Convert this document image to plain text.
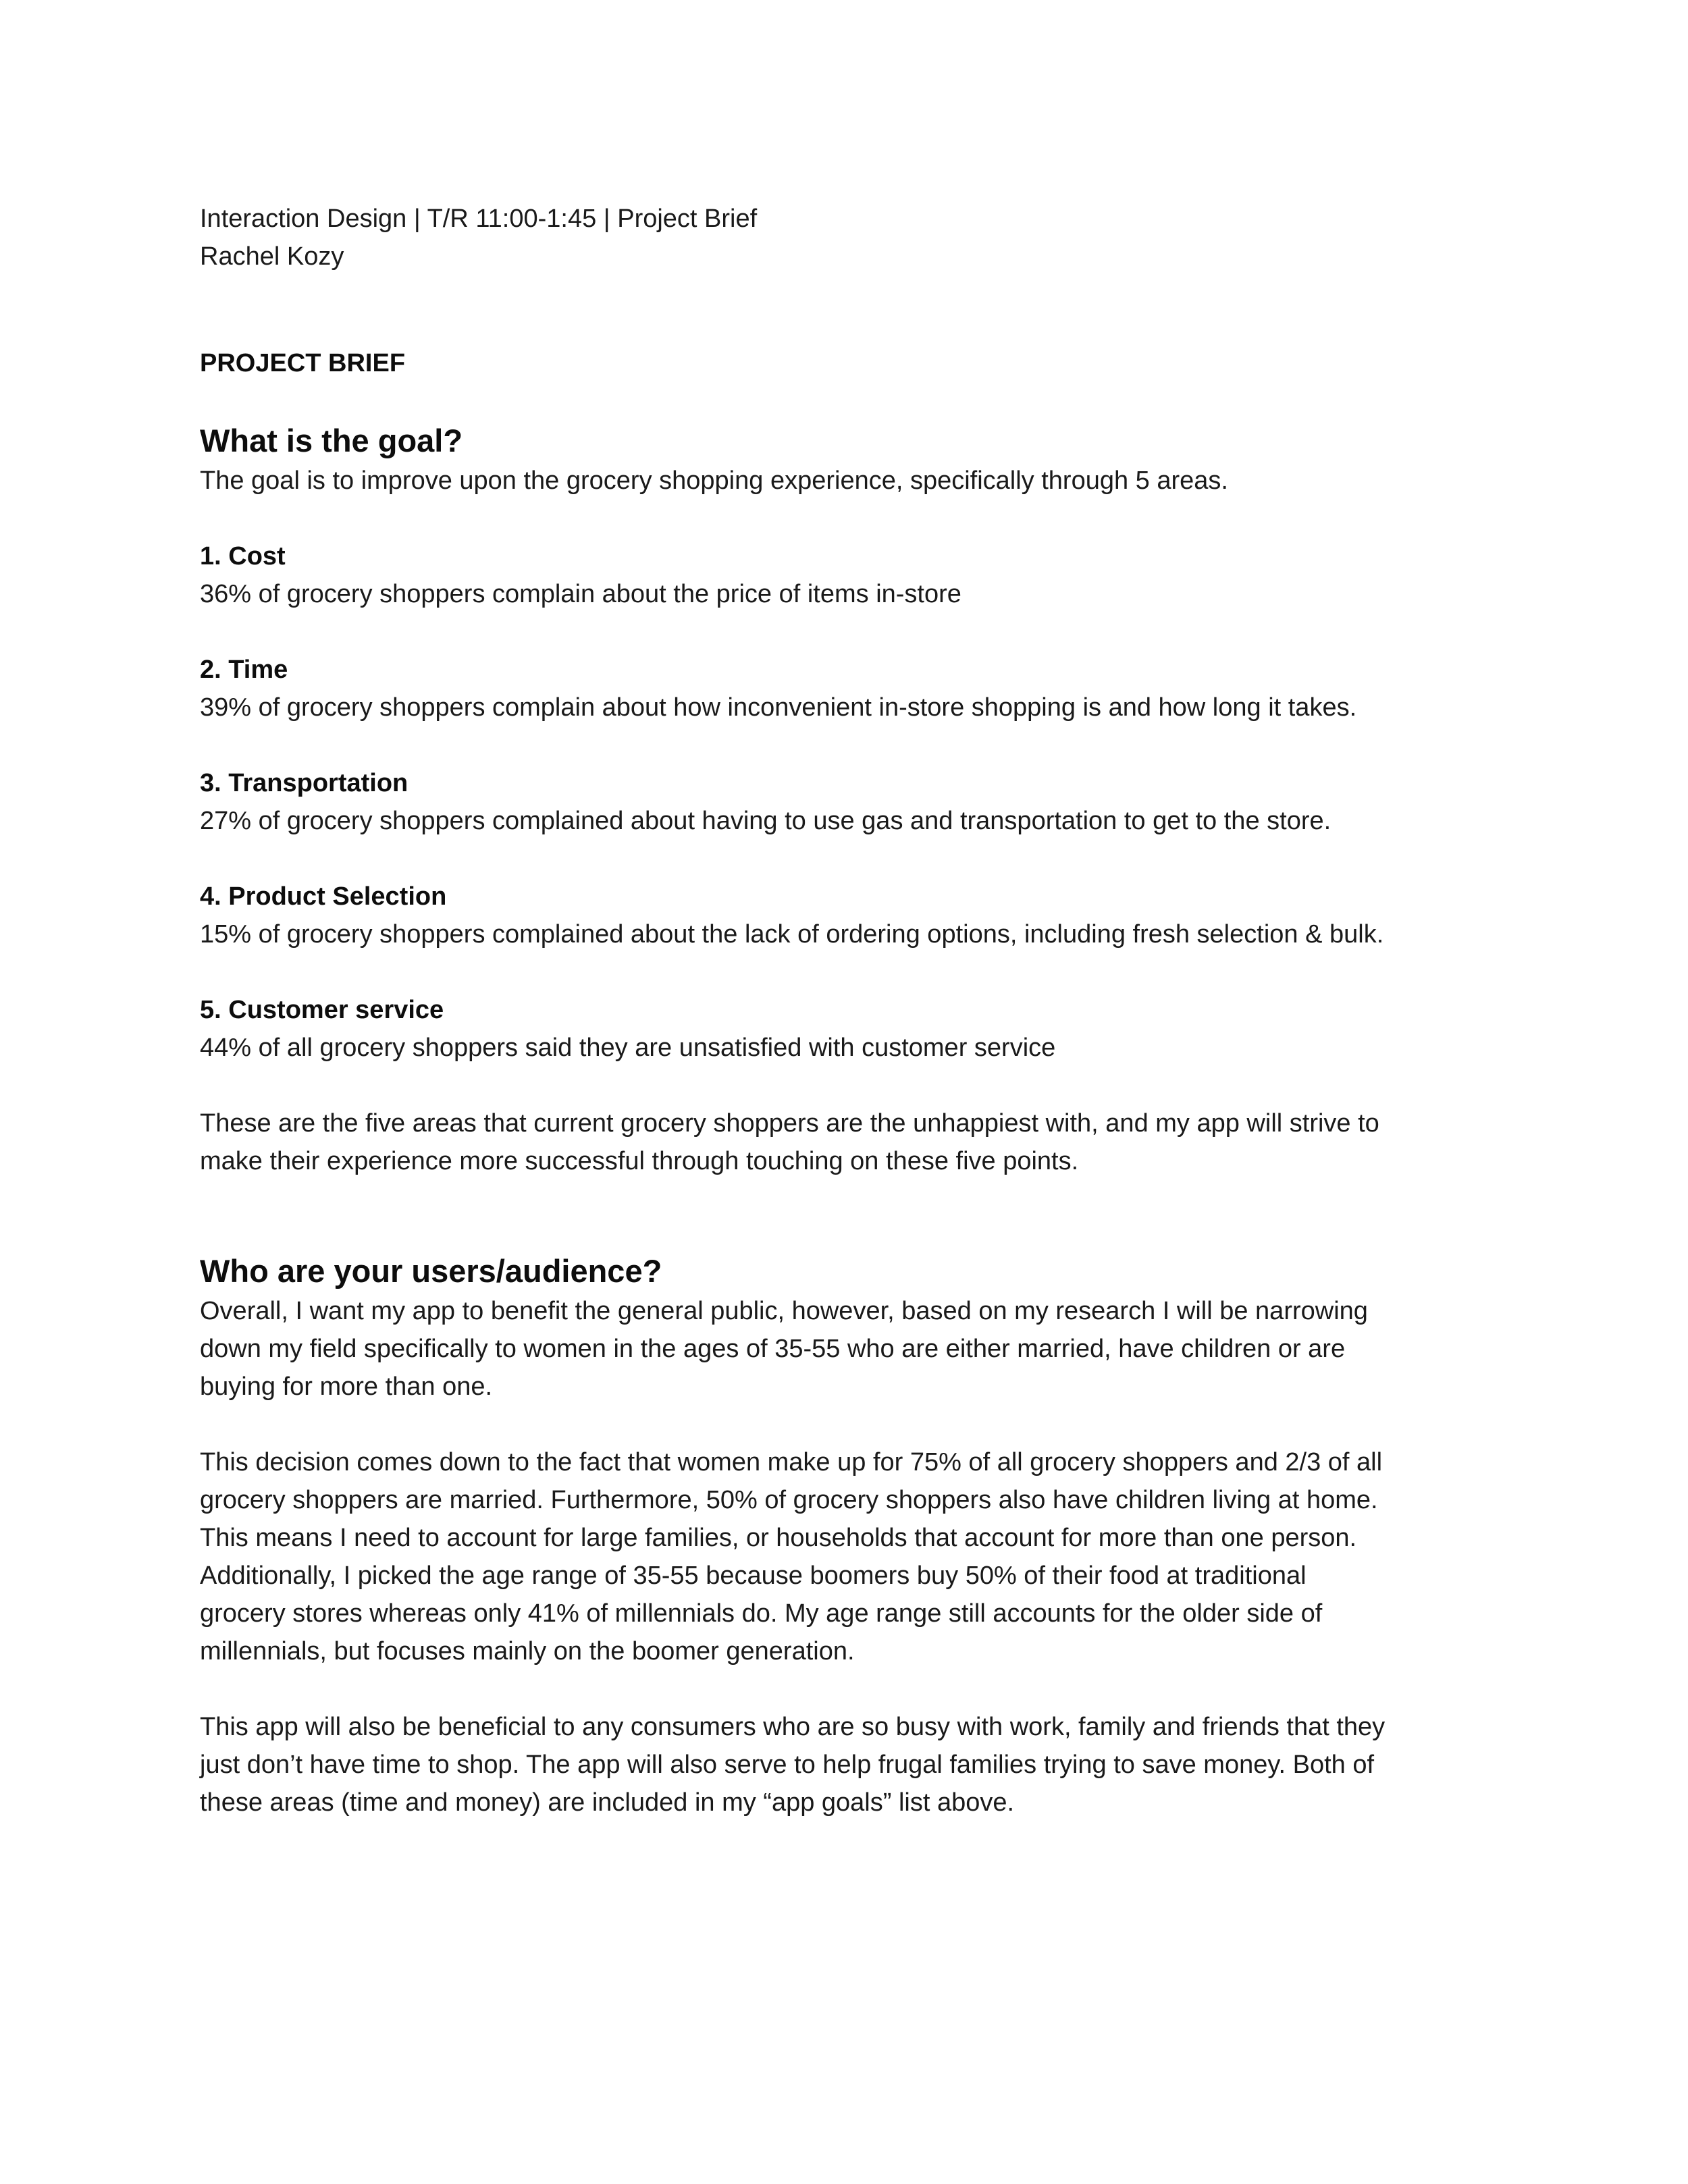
Interaction Design | T/R 11:00-1:45 | Project Brief

Rachel Kozy

PROJECT BRIEF

What is the goal?

The goal is to improve upon the grocery shopping experience, specifically through 5 areas.

1. Cost

36% of grocery shoppers complain about the price of items in-store

2. Time

39% of grocery shoppers complain about how inconvenient in-store shopping is and how long it takes.

3. Transportation

27% of grocery shoppers complained about having to use gas and transportation to get to the store.

4. Product Selection

15% of grocery shoppers complained about the lack of ordering options, including fresh selection & bulk.

5. Customer service

44% of all grocery shoppers said they are unsatisfied with customer service

These are the five areas that current grocery shoppers are the unhappiest with, and my app will strive to

make their experience more successful through touching on these five points.

Who are your users/audience?

Overall, I want my app to benefit the general public, however, based on my research I will be narrowing

down my field specifically to women in the ages of 35-55 who are either married, have children or are

buying for more than one.

This decision comes down to the fact that women make up for 75% of all grocery shoppers and 2/3 of all

grocery shoppers are married. Furthermore, 50% of grocery shoppers also have children living at home.

This means I need to account for large families, or households that account for more than one person.

Additionally, I picked the age range of 35-55 because boomers buy 50% of their food at traditional

grocery stores whereas only 41% of millennials do. My age range still accounts for the older side of

millennials, but focuses mainly on the boomer generation.

This app will also be beneficial to any consumers who are so busy with work, family and friends that they

just don’t have time to shop. The app will also serve to help frugal families trying to save money. Both of

these areas (time and money) are included in my “app goals” list above.
